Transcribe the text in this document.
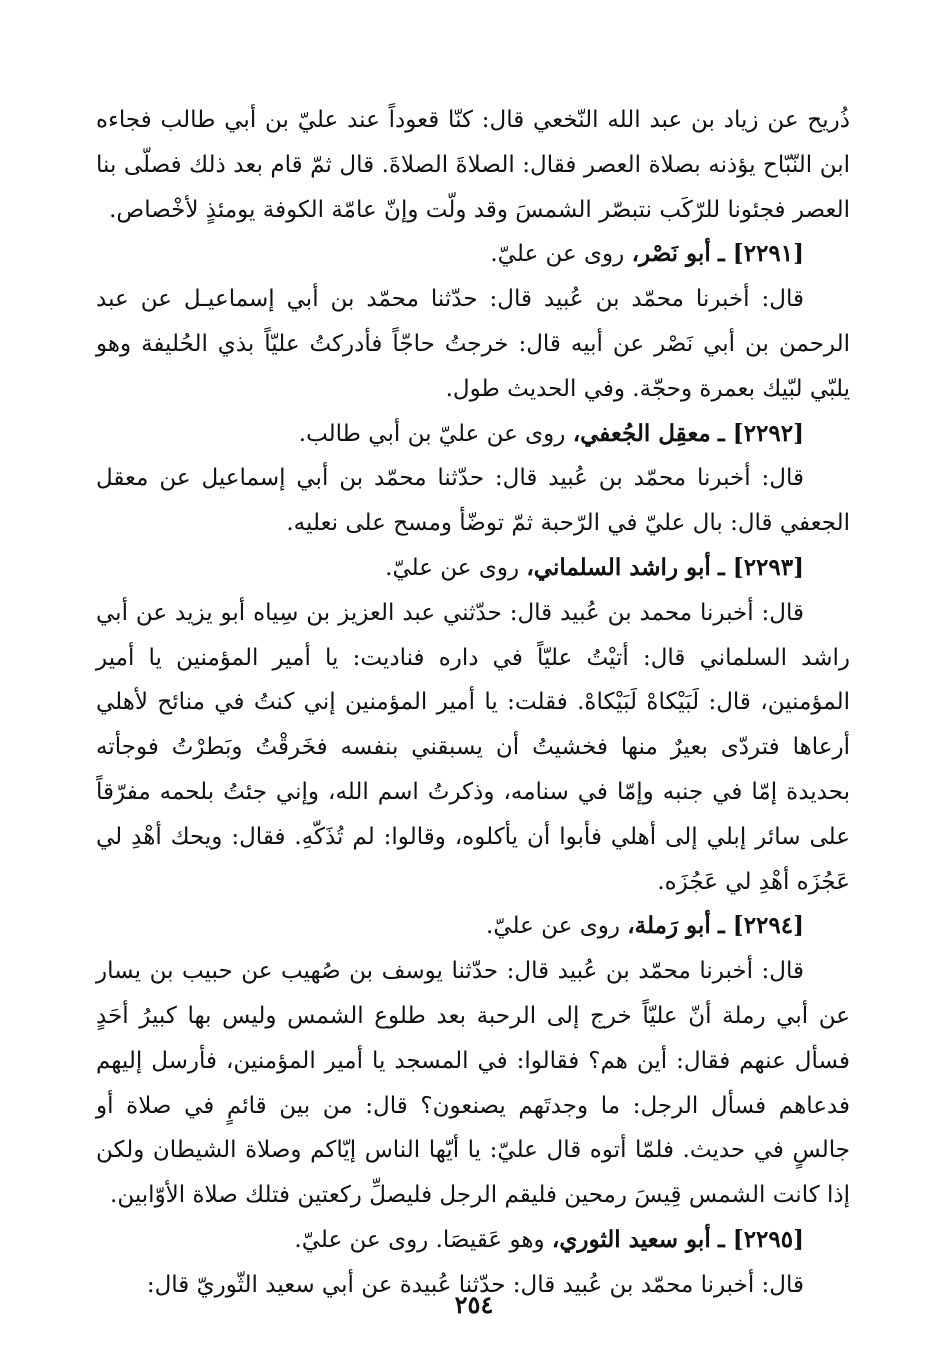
ذُريح عن زياد بن عبد الله النّخعي قال: كنّا قعوداً عند عليّ بن أبي طالب فجاءه ابن النّبّاح يؤذنه بصلاة العصر فقال: الصلاةَ الصلاةَ. قال ثمّ قام بعد ذلك فصلّى بنا العصر فجئونا للرّكَب نتبصّر الشمسَ وقد ولّت وإنّ عامّة الكوفة يومئذٍ لأخْصاص.

[٢٢٩١] ـ أبو نَصْر، روى عن عليّ.

قال: أخبرنا محمّد بن عُبيد قال: حدّثنا محمّد بن أبي إسماعيـل عن عبد الرحمن بن أبي نَصْر عن أبيه قال: خرجتُ حاجّاً فأدركتُ عليّاً بذي الحُليفة وهو يلبّي لبّيك بعمرة وحجّة. وفي الحديث طول.

[٢٢٩٢] ـ معقِل الجُعفي، روى عن عليّ بن أبي طالب.

قال: أخبرنا محمّد بن عُبيد قال: حدّثنا محمّد بن أبي إسماعيل عن معقل الجعفي قال: بال عليّ في الرّحبة ثمّ توضّأ ومسح على نعليه.

[٢٢٩٣] ـ أبو راشد السلماني، روى عن عليّ.

قال: أخبرنا محمد بن عُبيد قال: حدّثني عبد العزيز بن سِياه أبو يزيد عن أبي راشد السلماني قال: أتيْتُ عليّاً في داره فناديت: يا أمير المؤمنين يا أمير المؤمنين، قال: لَبَيْكاهْ لَبَيْكاهْ. فقلت: يا أمير المؤمنين إني كنتُ في منائح لأهلي أرعاها فتردّى بعيرٌ منها فخشيتُ أن يسبقني بنفسه فخَرقْتُ وبَطرْتُ فوجأته بحديدة إمّا في جنبه وإمّا في سنامه، وذكرتُ اسم الله، وإني جئتُ بلحمه مفرّقاً على سائر إبلي إلى أهلي فأبوا أن يأكلوه، وقالوا: لم تُذَكّهِ. فقال: ويحك أهْدِ لي عَجُزَه أهْدِ لي عَجُزَه.

[٢٢٩٤] ـ أبو رَملة، روى عن عليّ.

قال: أخبرنا محمّد بن عُبيد قال: حدّثنا يوسف بن صُهيب عن حبيب بن يسار عن أبي رملة أنّ عليّاً خرج إلى الرحبة بعد طلوع الشمس وليس بها كبيرُ أحَدٍ فسأل عنهم فقال: أين هم؟ فقالوا: في المسجد يا أمير المؤمنين، فأرسل إليهم فدعاهم فسأل الرجل: ما وجدتَهم يصنعون؟ قال: من بين قائمٍ في صلاة أو جالسٍ في حديث. فلمّا أتوه قال عليّ: يا أيّها الناس إيّاكم وصلاة الشيطان ولكن إذا كانت الشمس قِيسَ رمحين فليقم الرجل فليصلِّ ركعتين فتلك صلاة الأوّابين.

[٢٢٩٥] ـ أبو سعيد الثوري، وهو عَقيصَا. روى عن عليّ.

قال: أخبرنا محمّد بن عُبيد قال: حدّثنا عُبيدة عن أبي سعيد الثّوريّ قال:

٢٥٤
